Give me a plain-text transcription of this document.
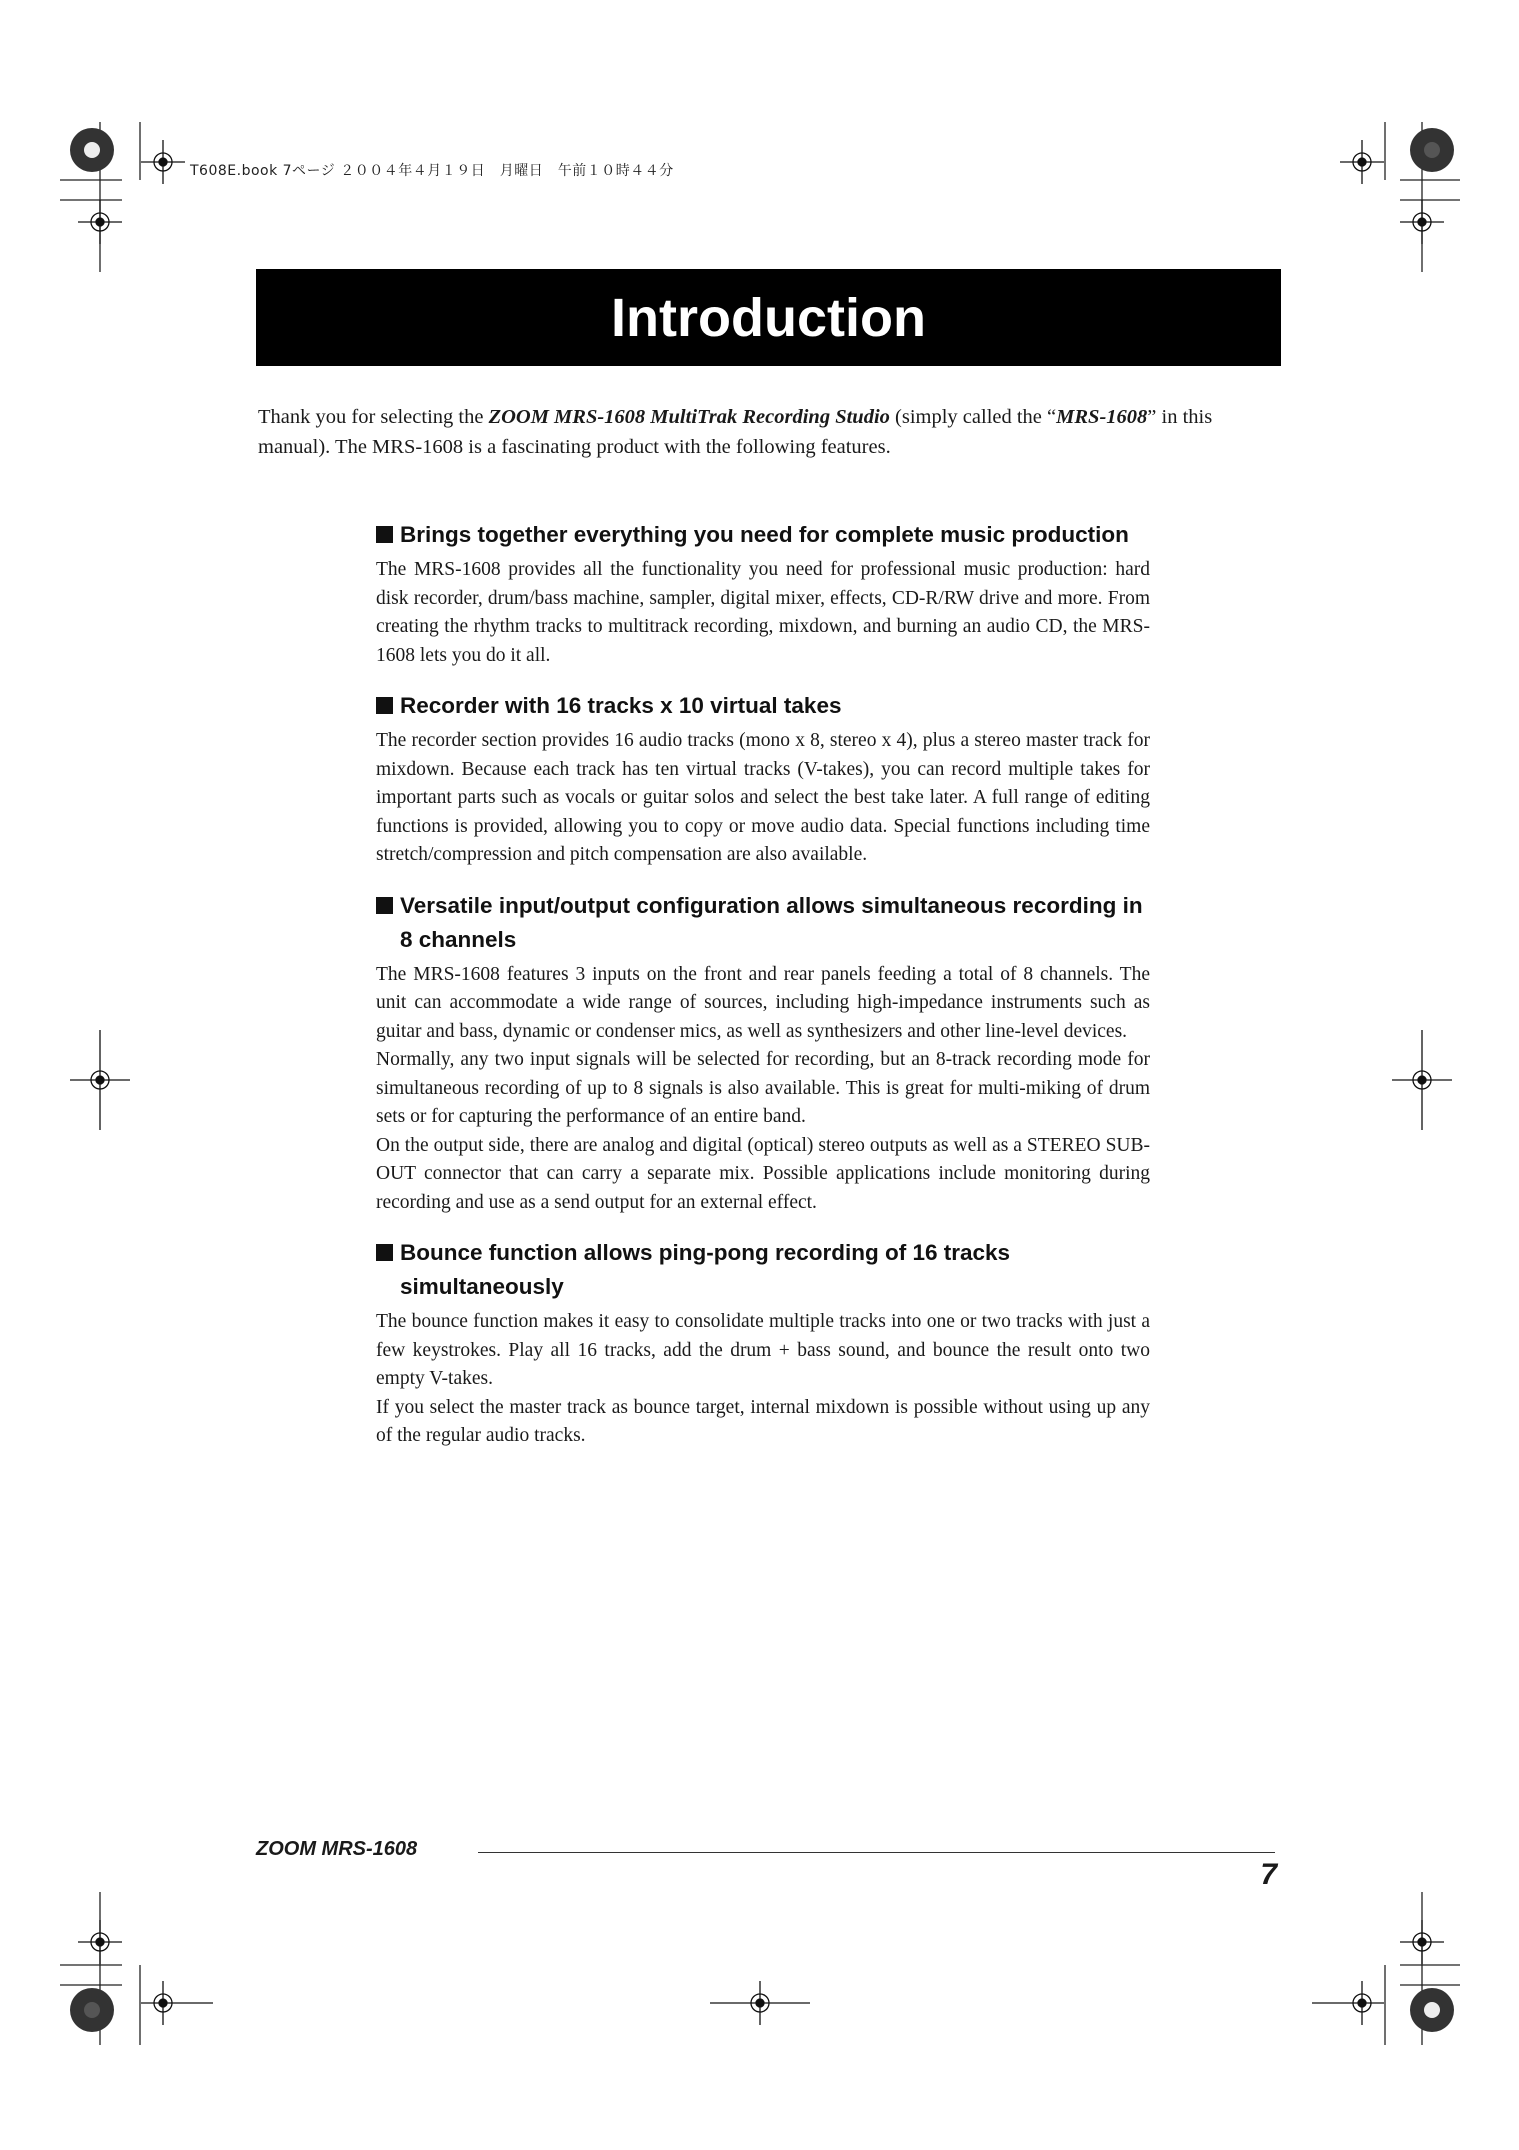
T608E.book 7ページ ２００４年４月１９日　月曜日　午前１０時４４分
Introduction

Thank you for selecting the ZOOM MRS-1608 MultiTrak Recording Studio (simply called the “MRS-1608” in this manual). The MRS-1608 is a fascinating product with the following features.

Brings together everything you need for complete music production

The MRS-1608 provides all the functionality you need for professional music production: hard disk recorder, drum/bass machine, sampler, digital mixer, effects, CD-R/RW drive and more. From creating the rhythm tracks to multitrack recording, mixdown, and burning an audio CD, the MRS-1608 lets you do it all.

Recorder with 16 tracks x 10 virtual takes

The recorder section provides 16 audio tracks (mono x 8, stereo x 4), plus a stereo master track for mixdown. Because each track has ten virtual tracks (V-takes), you can record multiple takes for important parts such as vocals or guitar solos and select the best take later. A full range of editing functions is provided, allowing you to copy or move audio data. Special functions including time stretch/compression and pitch compensation are also available.

Versatile input/output configuration allows simultaneous recording in 8 channels

The MRS-1608 features 3 inputs on the front and rear panels feeding a total of 8 channels. The unit can accommodate a wide range of sources, including high-impedance instruments such as guitar and bass, dynamic or condenser mics, as well as synthesizers and other line-level devices.

Normally, any two input signals will be selected for recording, but an 8-track recording mode for simultaneous recording of up to 8 signals is also available. This is great for multi-miking of drum sets or for capturing the performance of an entire band.

On the output side, there are analog and digital (optical) stereo outputs as well as a STEREO SUB-OUT connector that can carry a separate mix. Possible applications include monitoring during recording and use as a send output for an external effect.

Bounce function allows ping-pong recording of 16 tracks simultaneously

The bounce function makes it easy to consolidate multiple tracks into one or two tracks with just a few keystrokes. Play all 16 tracks, add the drum + bass sound, and bounce the result onto two empty V-takes.

If you select the master track as bounce target, internal mixdown is possible without using up any of the regular audio tracks.

ZOOM MRS-1608
7
